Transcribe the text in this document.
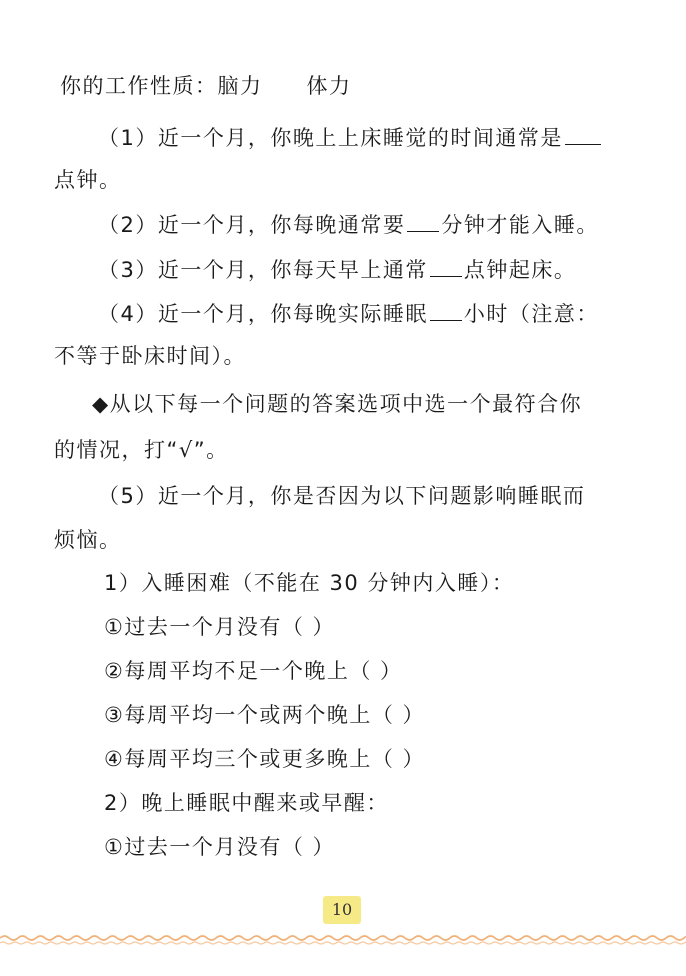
你的工作性质：脑力 体力
（1）近一个月，你晚上上床睡觉的时间通常是
点钟。
（2）近一个月，你每晚通常要 分钟才能入睡。
（3）近一个月，你每天早上通常 点钟起床。
（4）近一个月，你每晚实际睡眠 小时（注意：
不等于卧床时间）。
◆从以下每一个问题的答案选项中选一个最符合你
的情况，打“√”。
（5）近一个月，你是否因为以下问题影响睡眠而
烦恼。
1）入睡困难（不能在 30 分钟内入睡）：
①过去一个月没有（ ）
②每周平均不足一个晚上（ ）
③每周平均一个或两个晚上（ ）
④每周平均三个或更多晚上（ ）
2）晚上睡眠中醒来或早醒：
①过去一个月没有（ ）
10
